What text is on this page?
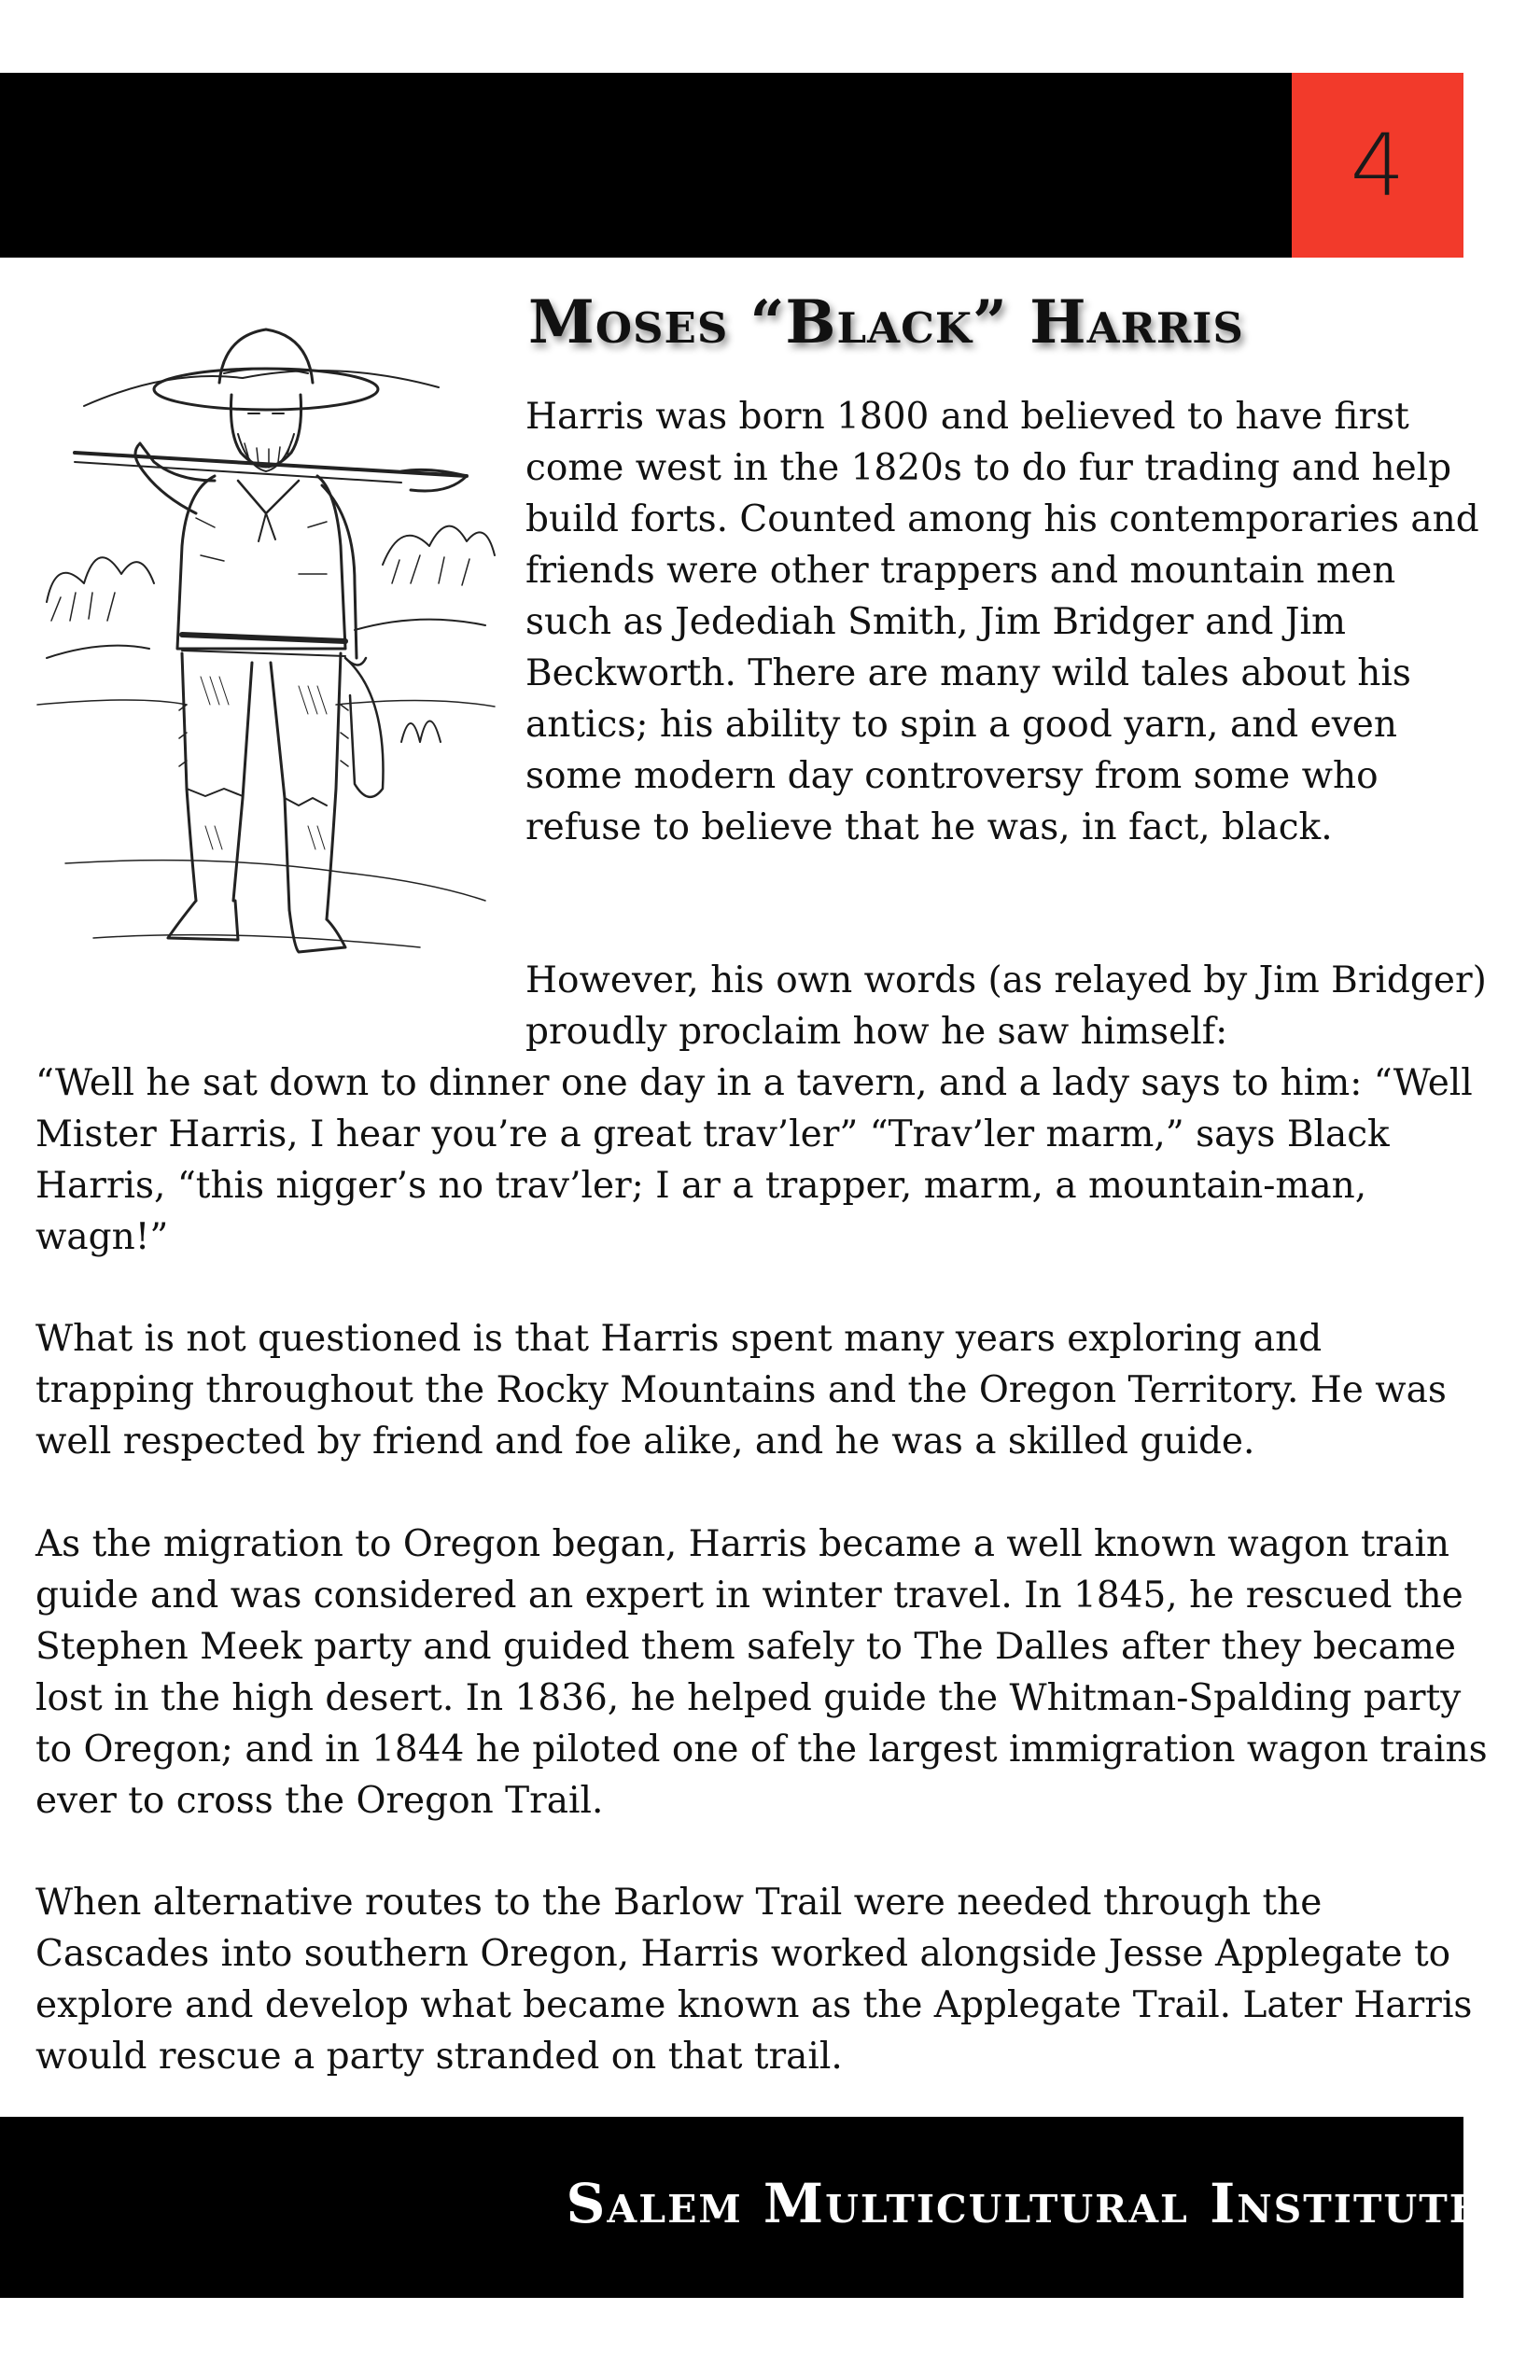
4
Moses “Black” Harris

Harris was born 1800 and believed to have first come west in the 1820s to do fur trading and help build forts. Counted among his contemporaries and friends were other trappers and mountain men such as Jedediah Smith, Jim Bridger and Jim Beckworth. There are many wild tales about his antics; his ability to spin a good yarn, and even some modern day controversy from some who refuse to believe that he was, in fact, black.

However, his own words (as relayed by Jim Bridger) proudly proclaim how he saw himself:

“Well he sat down to dinner one day in a tavern, and a lady says to him: “Well Mister Harris, I hear you’re a great trav’ler” “Trav’ler marm,” says Black Harris, “this nigger’s no trav’ler; I ar a trapper, marm, a mountain-man, wagn!”

What is not questioned is that Harris spent many years exploring and trapping throughout the Rocky Mountains and the Oregon Territory. He was well respected by friend and foe alike, and he was a skilled guide.

As the migration to Oregon began, Harris became a well known wagon train guide and was considered an expert in winter travel. In 1845, he rescued the Stephen Meek party and guided them safely to The Dalles after they became lost in the high desert. In 1836, he helped guide the Whitman-Spalding party to Oregon; and in 1844 he piloted one of the largest immigration wagon trains ever to cross the Oregon Trail.

When alternative routes to the Barlow Trail were needed through the Cascades into southern Oregon, Harris worked alongside Jesse Applegate to explore and develop what became known as the Applegate Trail. Later Harris would rescue a party stranded on that trail.

Salem Multicultural Institute
